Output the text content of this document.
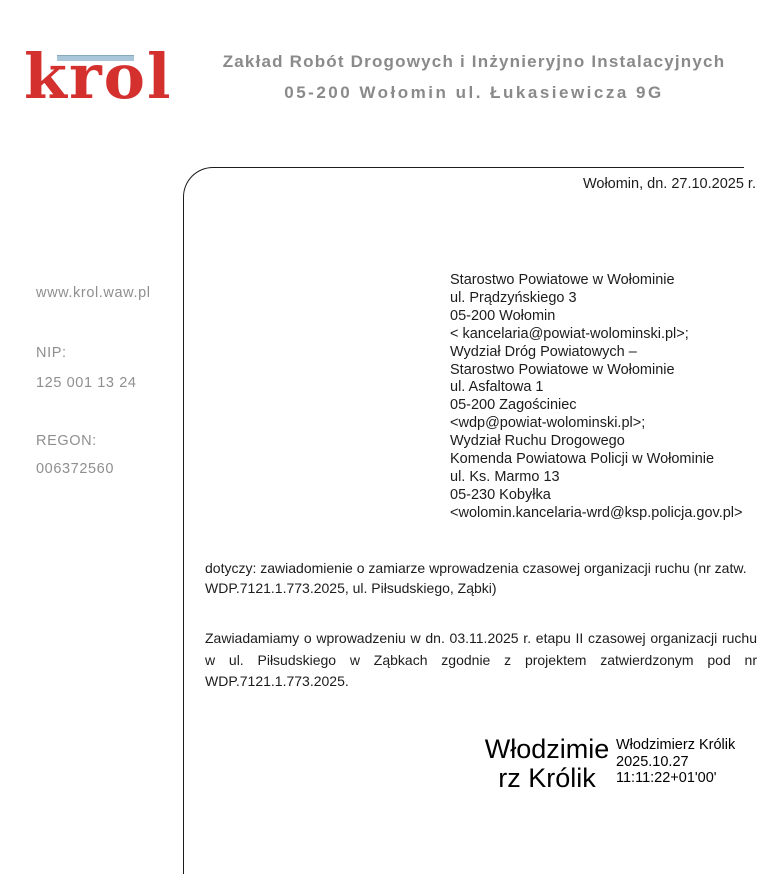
krol	Zakład Robót Drogowych i Inżynieryjno Instalacyjnych
05-200 Wołomin ul. Łukasiewicza 9G
www.krol.waw.pl
NIP:
125 001 13 24
REGON:
006372560
Wołomin, dn. 27.10.2025 r.
Starostwo Powiatowe w Wołominie
ul. Prądzyńskiego 3
05-200 Wołomin
< kancelaria@powiat-wolominski.pl>;
Wydział Dróg Powiatowych –
Starostwo Powiatowe w Wołominie
ul. Asfaltowa 1
05-200 Zagościniec
<wdp@powiat-wolominski.pl>;
Wydział Ruchu Drogowego
Komenda Powiatowa Policji w Wołominie
ul. Ks. Marmo 13
05-230 Kobyłka
<wolomin.kancelaria-wrd@ksp.policja.gov.pl>
dotyczy: zawiadomienie o zamiarze wprowadzenia czasowej organizacji ruchu (nr zatw.
WDP.7121.1.773.2025, ul. Piłsudskiego, Ząbki)
Zawiadamiamy o wprowadzeniu w dn. 03.11.2025 r. etapu II czasowej organizacji ruchu
w ul. Piłsudskiego w Ząbkach zgodnie z projektem zatwierdzonym pod nr
WDP.7121.1.773.2025.
Włodzimie
rz Królik
Włodzimierz Królik
2025.10.27
11:11:22+01'00'
